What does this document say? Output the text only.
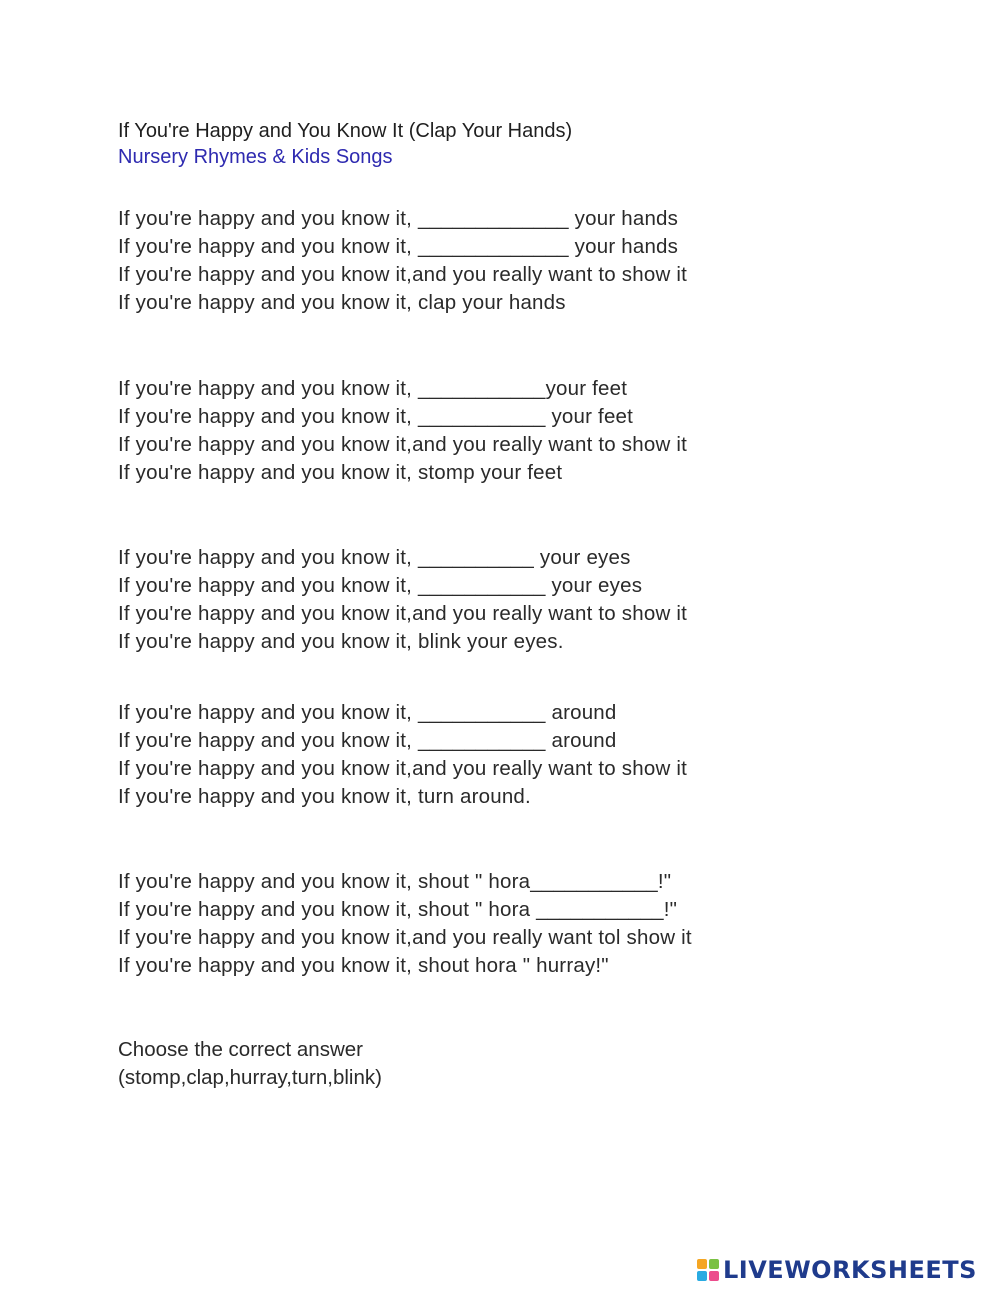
If You're Happy and You Know It (Clap Your Hands)
Nursery Rhymes & Kids Songs
If you're happy and you know it, _____________ your hands
If you're happy and you know it, _____________ your hands
If you're happy and you know it,and you really want to show it
If you're happy and you know it, clap your hands
If you're happy and you know it, ___________your feet
If you're happy and you know it, ___________ your feet
If you're happy and you know it,and you really want to show it
If you're happy and you know it, stomp your feet
If you're happy and you know it, __________ your eyes
If you're happy and you know it, ___________ your eyes
If you're happy and you know it,and you really want to show it
If you're happy and you know it, blink your eyes.
If you're happy and you know it, ___________ around
If you're happy and you know it, ___________ around
If you're happy and you know it,and you really want to show it
If you're happy and you know it, turn around.
If you're happy and you know it, shout " hora___________!"
If you're happy and you know it, shout " hora ___________!"
If you're happy and you know it,and you really want tol show it
If you're happy and you know it, shout hora " hurray!"
Choose the correct answer
(stomp,clap,hurray,turn,blink)
LIVEWORKSHEETS
